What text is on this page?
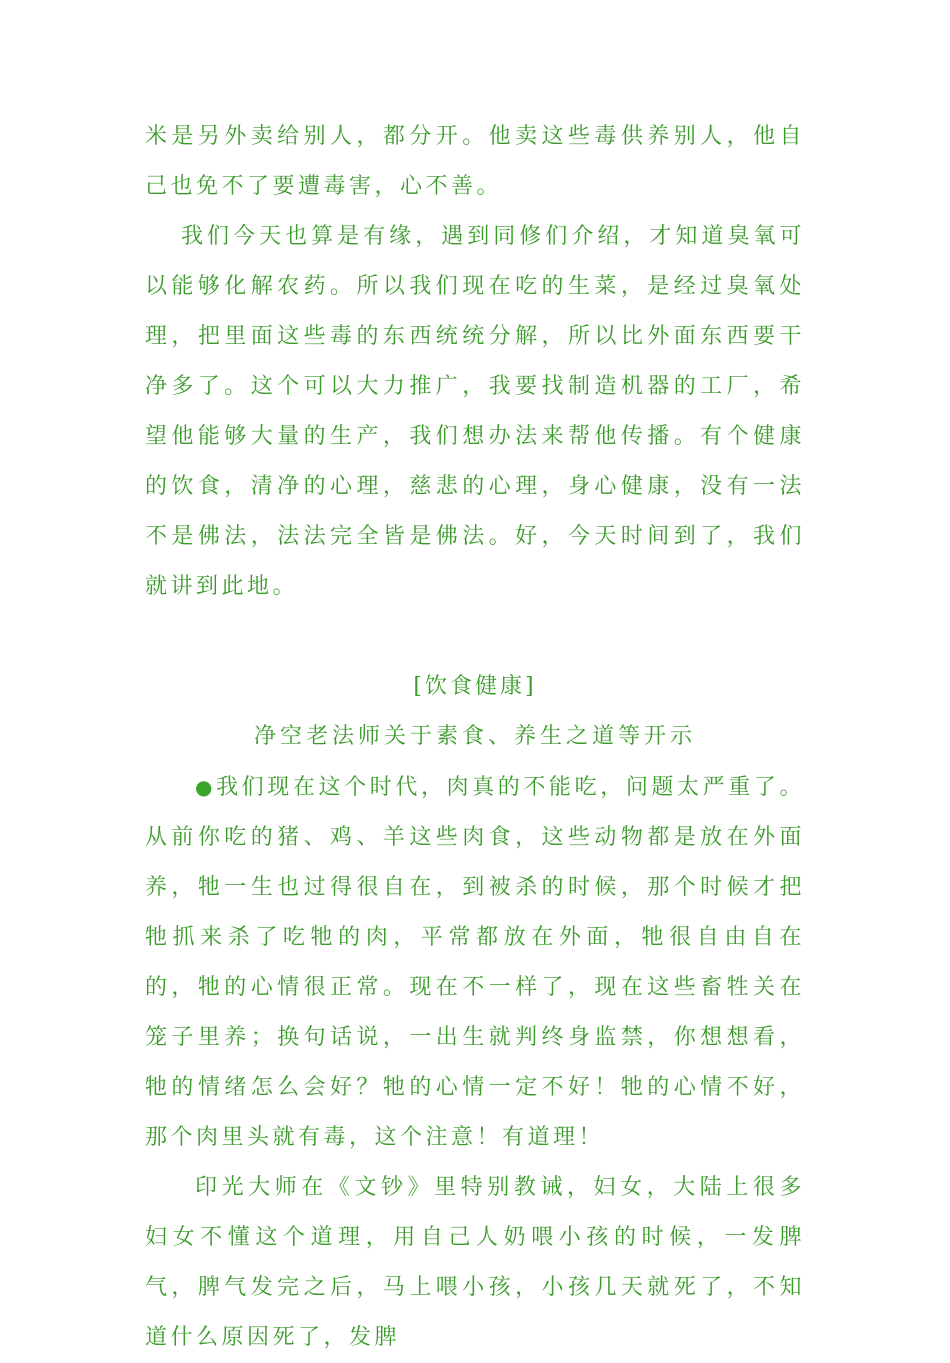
米是另外卖给别人，都分开。他卖这些毒供养别人，他自己也免不了要遭毒害，心不善。

我们今天也算是有缘，遇到同修们介绍，才知道臭氧可以能够化解农药。所以我们现在吃的生菜，是经过臭氧处理，把里面这些毒的东西统统分解，所以比外面东西要干净多了。这个可以大力推广，我要找制造机器的工厂，希望他能够大量的生产，我们想办法来帮他传播。有个健康的饮食，清净的心理，慈悲的心理，身心健康，没有一法不是佛法，法法完全皆是佛法。好，今天时间到了，我们就讲到此地。

[饮食健康]

净空老法师关于素食、养生之道等开示

●我们现在这个时代，肉真的不能吃，问题太严重了。从前你吃的猪、鸡、羊这些肉食，这些动物都是放在外面养，牠一生也过得很自在，到被杀的时候，那个时候才把牠抓来杀了吃牠的肉，平常都放在外面，牠很自由自在的，牠的心情很正常。现在不一样了，现在这些畜牲关在笼子里养；换句话说，一出生就判终身监禁，你想想看，牠的情绪怎么会好？牠的心情一定不好！牠的心情不好，那个肉里头就有毒，这个注意！有道理！

印光大师在《文钞》里特别教诫，妇女，大陆上很多妇女不懂这个道理，用自己人奶喂小孩的时候，一发脾气，脾气发完之后，马上喂小孩，小孩几天就死了，不知道什么原因死了，发脾
